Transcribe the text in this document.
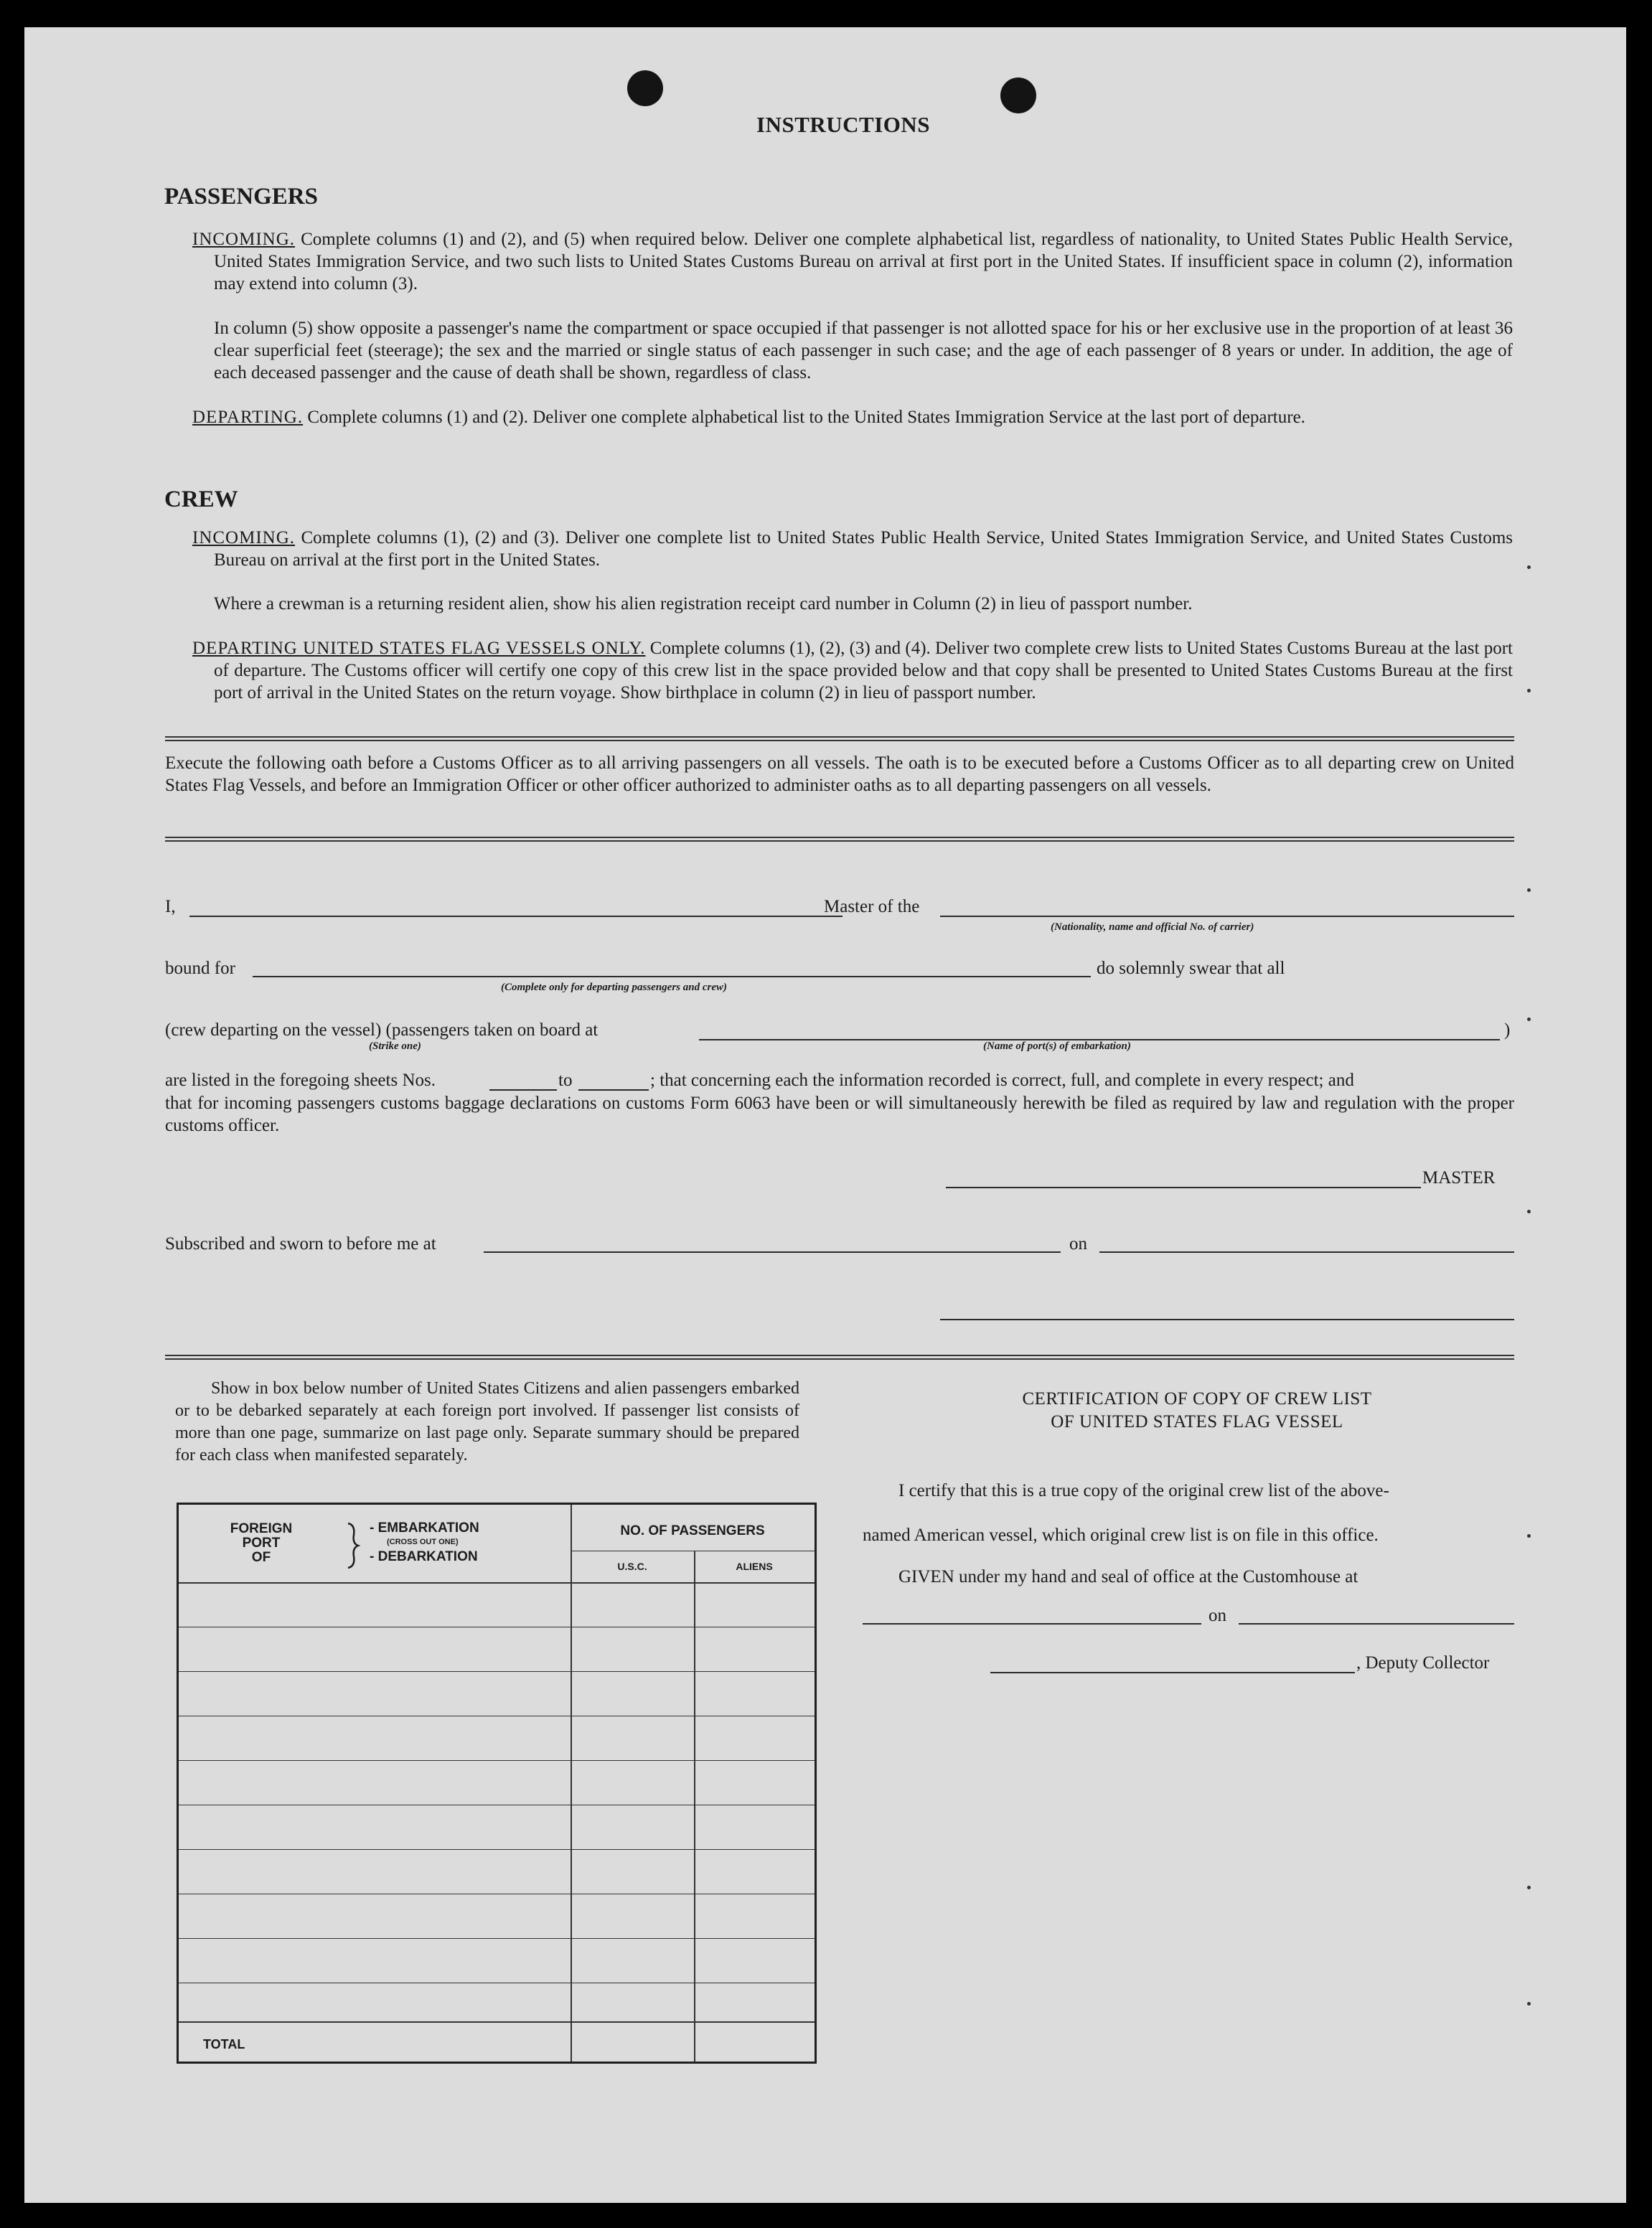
INSTRUCTIONS
PASSENGERS
INCOMING. Complete columns (1) and (2), and (5) when required below. Deliver one complete alphabetical list, regardless of nationality, to United States Public Health Service, United States Immigration Service, and two such lists to United States Customs Bureau on arrival at first port in the United States. If insufficient space in column (2), information may extend into column (3).
In column (5) show opposite a passenger's name the compartment or space occupied if that passenger is not allotted space for his or her exclusive use in the proportion of at least 36 clear superficial feet (steerage); the sex and the married or single status of each passenger in such case; and the age of each passenger of 8 years or under. In addition, the age of each deceased passenger and the cause of death shall be shown, regardless of class.
DEPARTING. Complete columns (1) and (2). Deliver one complete alphabetical list to the United States Immigration Service at the last port of departure.
CREW
INCOMING. Complete columns (1), (2) and (3). Deliver one complete list to United States Public Health Service, United States Immigration Service, and United States Customs Bureau on arrival at the first port in the United States.
Where a crewman is a returning resident alien, show his alien registration receipt card number in Column (2) in lieu of passport number.
DEPARTING UNITED STATES FLAG VESSELS ONLY. Complete columns (1), (2), (3) and (4). Deliver two complete crew lists to United States Customs Bureau at the last port of departure. The Customs officer will certify one copy of this crew list in the space provided below and that copy shall be presented to United States Customs Bureau at the first port of arrival in the United States on the return voyage. Show birthplace in column (2) in lieu of passport number.
Execute the following oath before a Customs Officer as to all arriving passengers on all vessels. The oath is to be executed before a Customs Officer as to all departing crew on United States Flag Vessels, and before an Immigration Officer or other officer authorized to administer oaths as to all departing passengers on all vessels.
I,	Master of the
(Nationality, name and official No. of carrier)
bound for
(Complete only for departing passengers and crew)
do solemnly swear that all
(crew departing on the vessel) (passengers taken on board at	)
(Strike one)	(Name of port(s) of embarkation)
are listed in the foregoing sheets Nos.	to	; that concerning each the information recorded is correct, full, and complete in every respect; and
that for incoming passengers customs baggage declarations on customs Form 6063 have been or will simultaneously herewith be filed as required by law and regulation with the proper customs officer.
MASTER
Subscribed and sworn to before me at	on
Show in box below number of United States Citizens and alien passengers embarked or to be debarked separately at each foreign port involved. If passenger list consists of more than one page, summarize on last page only. Separate summary should be prepared for each class when manifested separately.
FOREIGN
PORT
OF
- EMBARKATION
(CROSS OUT ONE)
- DEBARKATION
NO. OF PASSENGERS
U.S.C.	ALIENS
TOTAL
CERTIFICATION OF COPY OF CREW LIST
OF UNITED STATES FLAG VESSEL
I certify that this is a true copy of the original crew list of the above-
named American vessel, which original crew list is on file in this office.
GIVEN under my hand and seal of office at the Customhouse at
on
, Deputy Collector
